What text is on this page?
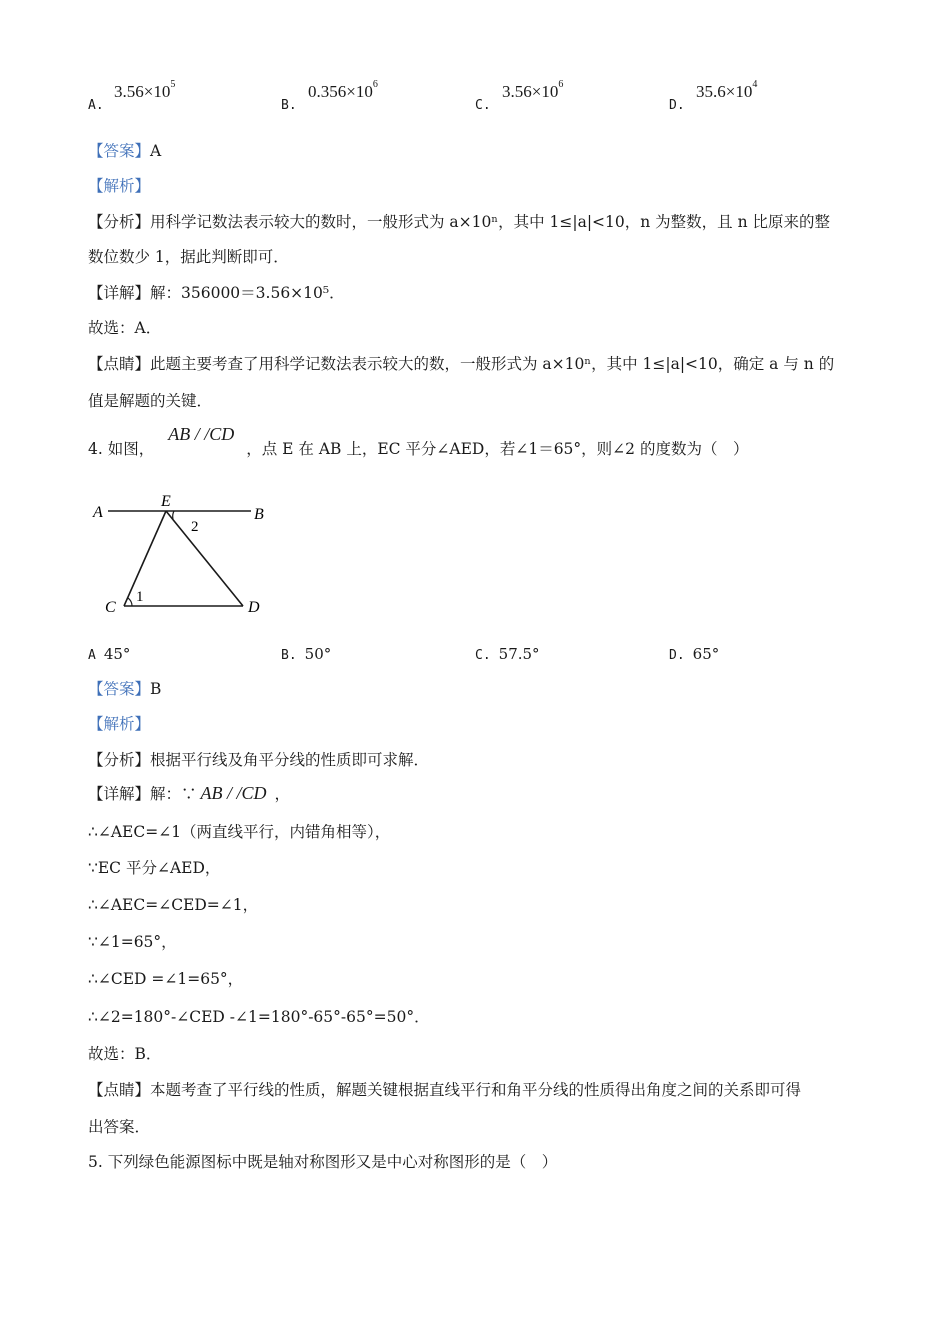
A.
$3.56\times 10^5$
B.
$0.356\times 10^6$
C.
$3.56\times 10^6$
D.
$35.6\times 10^4$
【答案】A
【解析】
【分析】用科学记数法表示较大的数时，一般形式为 a×10ⁿ，其中 1≤|a|<10，n 为整数，且 n 比原来的整
数位数少 1，据此判断即可．
【详解】解：356000＝3.56×10⁵．
故选：A．
【点睛】此题主要考查了用科学记数法表示较大的数，一般形式为 a×10ⁿ，其中 1≤|a|<10，确定 a 与 n 的
值是解题的关键．
4. 如图，AB / /CD，点 E 在 AB 上，EC 平分∠AED，若∠1＝65°，则∠2 的度数为（　）
A
E
B
C	D
2
1
A 45°	B. 50°	C. 57.5°	D. 65°
【答案】B
【解析】
【分析】根据平行线及角平分线的性质即可求解．
【详解】解：∵ AB / /CD ，
∴∠AEC=∠1（两直线平行，内错角相等），
∵EC 平分∠AED，
∴∠AEC=∠CED=∠1，
∵∠1=65°，
∴∠CED =∠1=65°，
∴∠2=180°-∠CED -∠1=180°-65°-65°=50°．
故选：B．
【点睛】本题考查了平行线的性质，解题关键根据直线平行和角平分线的性质得出角度之间的关系即可得
出答案．
5. 下列绿色能源图标中既是轴对称图形又是中心对称图形的是（　）
